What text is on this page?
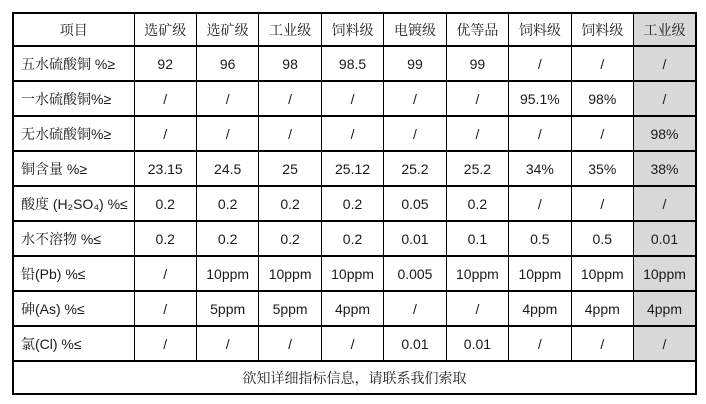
项目	选矿级	选矿级	工业级	饲料级	电镀级	优等品	饲料级	饲料级	工业级
五水硫酸铜 %≥	92	96	98	98.5	99	99	/	/	/
一水硫酸铜%≥	/	/	/	/	/	/	95.1%	98%	/
无水硫酸铜%≥	/	/	/	/	/	/	/	/	98%
铜含量 %≥	23.15	24.5	25	25.12	25.2	25.2	34%	35%	38%
酸度 (H₂SO₄) %≤	0.2	0.2	0.2	0.2	0.05	0.2	/	/	/
水不溶物 %≤	0.2	0.2	0.2	0.2	0.01	0.1	0.5	0.5	0.01
铅(Pb) %≤	/	10ppm	10ppm	10ppm	0.005	10ppm	10ppm	10ppm	10ppm
砷(As) %≤	/	5ppm	5ppm	4ppm	/	/	4ppm	4ppm	4ppm
氯(Cl) %≤	/	/	/	/	0.01	0.01	/	/	/
欲知详细指标信息，请联系我们索取									
